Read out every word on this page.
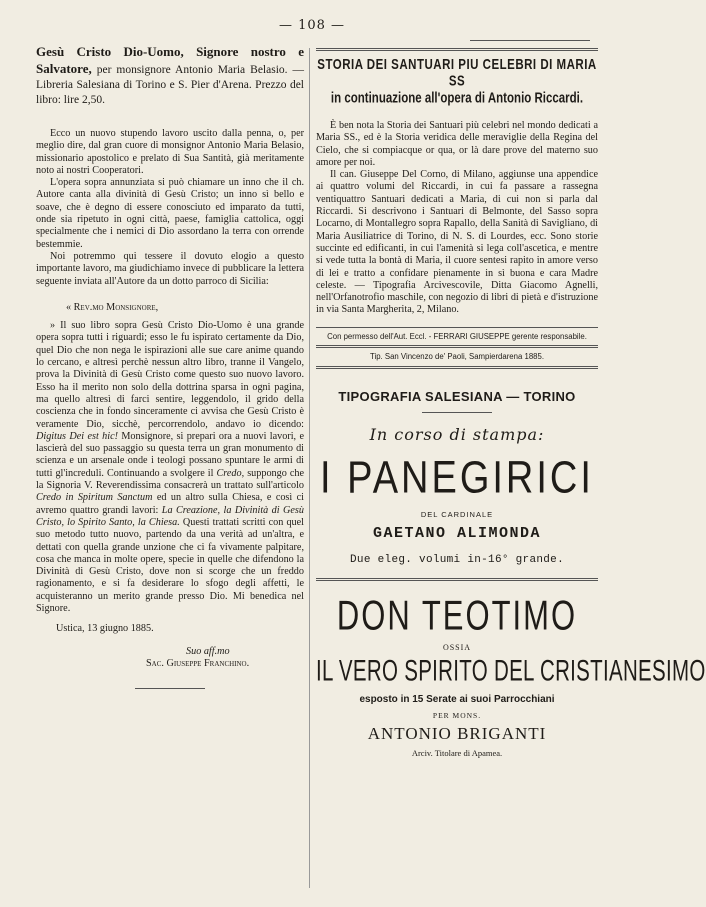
— 108 —

Gesù Cristo Dio-Uomo, Signore nostro e Salvatore, per monsignore Antonio Maria Belasio. — Libreria Salesiana di Torino e S. Pier d'Arena. Prezzo del libro: lire 2,50.

Ecco un nuovo stupendo lavoro uscito dalla penna, o, per meglio dire, dal gran cuore di monsignor Antonio Maria Belasio, missionario apostolico e prelato di Sua Santità, già meritamente noto ai nostri Cooperatori.

L'opera sopra annunziata si può chiamare un inno che il ch. Autore canta alla divinità di Gesù Cristo; un inno sì bello e soave, che è degno di essere conosciuto ed imparato da tutti, onde sia ripetuto in ogni città, paese, famiglia cattolica, oggi specialmente che i nemici di Dio assordano la terra con orrende bestemmie.

Noi potremmo qui tessere il dovuto elogio a questo importante lavoro, ma giudichiamo invece di pubblicare la lettera seguente inviata all'Autore da un dotto parroco di Sicilia:

« Rev.mo Monsignore,

» Il suo libro sopra Gesù Cristo Dio-Uomo è una grande opera sopra tutti i riguardi; esso le fu ispirato certamente da Dio, quel Dio che non nega le ispirazioni alle sue care anime quando lo cercano, e altresì perchè nessun altro libro, tranne il Vangelo, prova la Divinità di Gesù Cristo come questo suo nuovo lavoro. Esso ha il merito non solo della dottrina sparsa in ogni pagina, ma quello altresì di farci sentire, leggendolo, il grido della coscienza che in fondo sinceramente ci avvisa che Gesù Cristo è veramente Dio, sicchè, percorrendolo, andavo io dicendo: Digitus Dei est hic! Monsignore, si prepari ora a nuovi lavori, e lascierà del suo passaggio su questa terra un gran monumento di scienza e un arsenale onde i teologi possano spuntare le armi di tutti gl'increduli. Continuando a svolgere il Credo, suppongo che la Signoria V. Reverendissima consacrerà un trattato sull'articolo Credo in Spiritum Sanctum ed un altro sulla Chiesa, e così ci avremo quattro grandi lavori: La Creazione, la Divinità di Gesù Cristo, lo Spirito Santo, la Chiesa. Questi trattati scritti con quel suo metodo tutto nuovo, partendo da una verità ad un'altra, e dettati con quella grande unzione che ci fa vivamente palpitare, cosa che manca in molte opere, specie in quelle che difendono la Divinità di Gesù Cristo, dove non si scorge che un freddo ragionamento, e si fa desiderare lo sfogo degli affetti, le acquisteranno un merito grande presso Dio. Mi benedica nel Signore.

Ustica, 13 giugno 1885.

Suo aff.mo

Sac. Giuseppe Franchino.

STORIA DEI SANTUARI PIU CELEBRI DI MARIA SS

in continuazione all'opera di Antonio Riccardi.

È ben nota la Storia dei Santuari più celebri nel mondo dedicati a Maria SS., ed è la Storia veridica delle meraviglie della Regina del Cielo, che si compiacque or qua, or là dare prove del materno suo amore per noi.

Il can. Giuseppe Del Corno, di Milano, aggiunse una appendice ai quattro volumi del Riccardi, in cui fa passare a rassegna ventiquattro Santuari dedicati a Maria, di cui non si parla dal Riccardi. Si descrivono i Santuari di Belmonte, del Sasso sopra Locarno, di Montallegro sopra Rapallo, della Sanità di Savigliano, di Maria Ausiliatrice di Torino, di N. S. di Lourdes, ecc. Sono storie succinte ed edificanti, in cui l'amenità si lega coll'ascetica, e mentre si vede tutta la bontà di Maria, il cuore sentesi rapito in amore verso di lei e tratto a confidare pienamente in sì buona e cara Madre celeste. — Tipografia Arcivescovile, Ditta Giacomo Agnelli, nell'Orfanotrofio maschile, con negozio di libri di pietà e d'istruzione in via Santa Margherita, 2, Milano.

Con permesso dell'Aut. Eccl. - FERRARI GIUSEPPE gerente responsabile.

Tip. San Vincenzo de' Paoli, Sampierdarena 1885.

TIPOGRAFIA SALESIANA — TORINO

In corso di stampa:

I PANEGIRICI

DEL CARDINALE

GAETANO ALIMONDA

Due eleg. volumi in-16° grande.

DON TEOTIMO

OSSIA

IL VERO SPIRITO DEL CRISTIANESIMO

esposto in 15 Serate ai suoi Parrocchiani

PER MONS.

ANTONIO BRIGANTI

Arciv. Titolare di Apamea.
